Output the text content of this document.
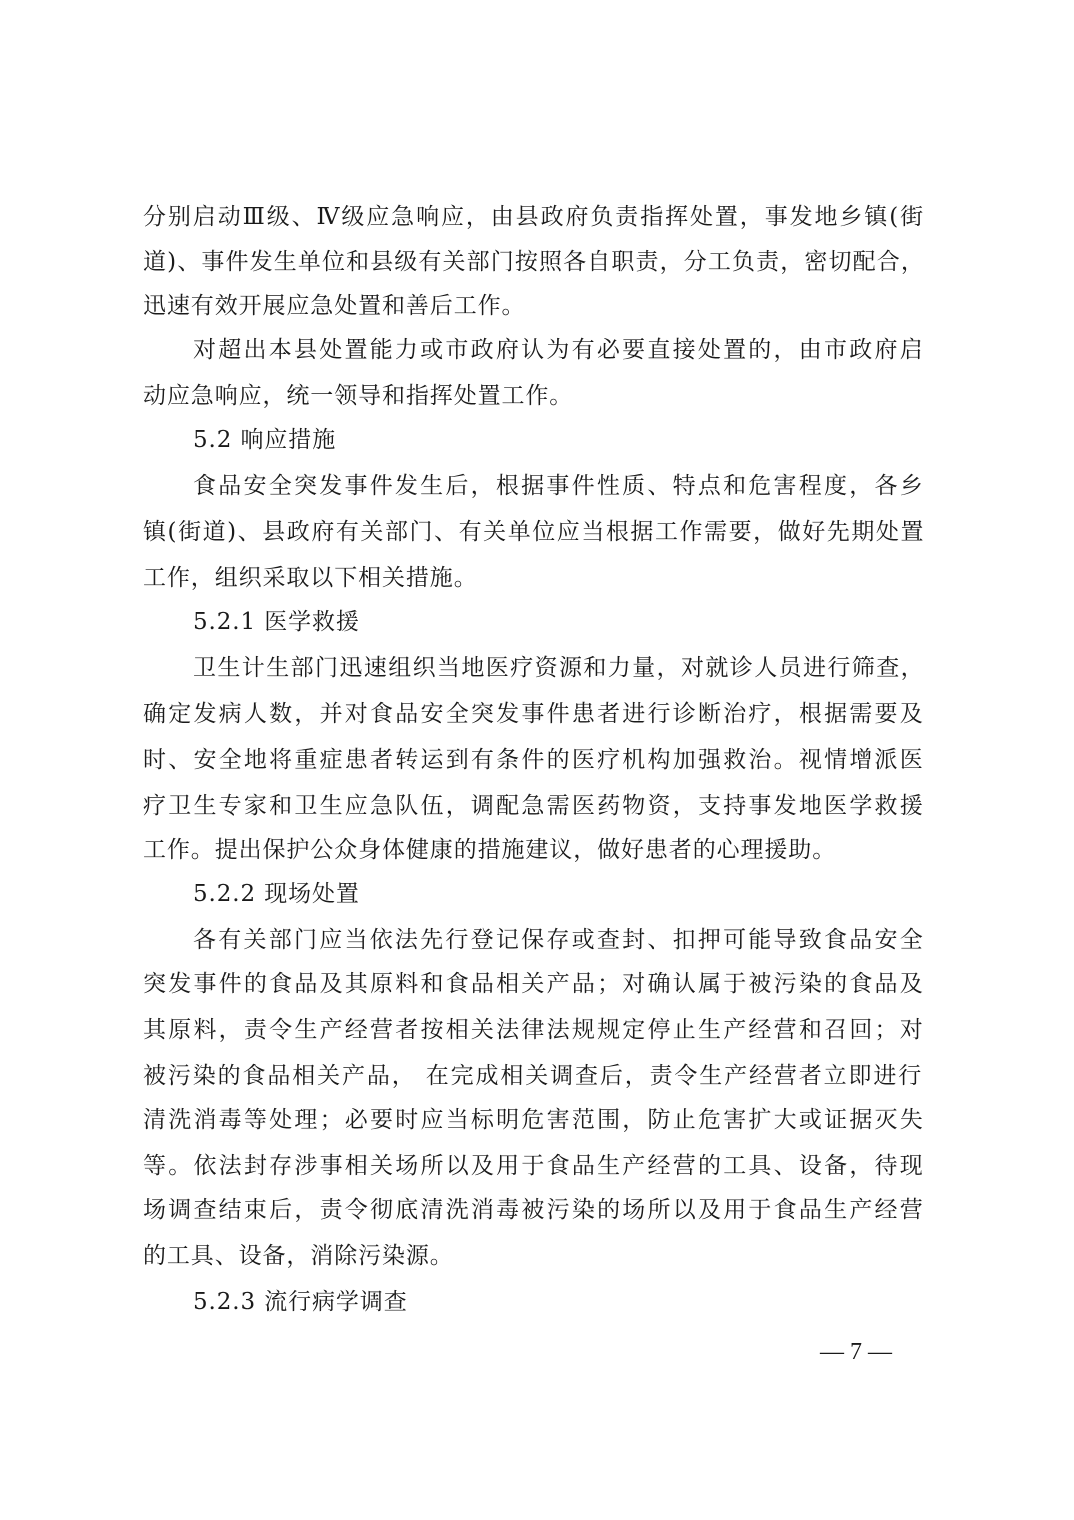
分别启动Ⅲ级、Ⅳ级应急响应，由县政府负责指挥处置，事发地乡镇(街
道)、事件发生单位和县级有关部门按照各自职责，分工负责，密切配合，
迅速有效开展应急处置和善后工作。
对超出本县处置能力或市政府认为有必要直接处置的，由市政府启
动应急响应，统一领导和指挥处置工作。
5.2 响应措施
食品安全突发事件发生后，根据事件性质、特点和危害程度，各乡
镇(街道)、县政府有关部门、有关单位应当根据工作需要，做好先期处置
工作，组织采取以下相关措施。
5.2.1 医学救援
卫生计生部门迅速组织当地医疗资源和力量，对就诊人员进行筛查，
确定发病人数，并对食品安全突发事件患者进行诊断治疗，根据需要及
时、安全地将重症患者转运到有条件的医疗机构加强救治。视情增派医
疗卫生专家和卫生应急队伍，调配急需医药物资，支持事发地医学救援
工作。提出保护公众身体健康的措施建议，做好患者的心理援助。
5.2.2 现场处置
各有关部门应当依法先行登记保存或查封、扣押可能导致食品安全
突发事件的食品及其原料和食品相关产品；对确认属于被污染的食品及
其原料，责令生产经营者按相关法律法规规定停止生产经营和召回；对
被污染的食品相关产品， 在完成相关调查后，责令生产经营者立即进行
清洗消毒等处理；必要时应当标明危害范围，防止危害扩大或证据灭失
等。依法封存涉事相关场所以及用于食品生产经营的工具、设备，待现
场调查结束后，责令彻底清洗消毒被污染的场所以及用于食品生产经营
的工具、设备，消除污染源。
5.2.3 流行病学调查
— 7 —
